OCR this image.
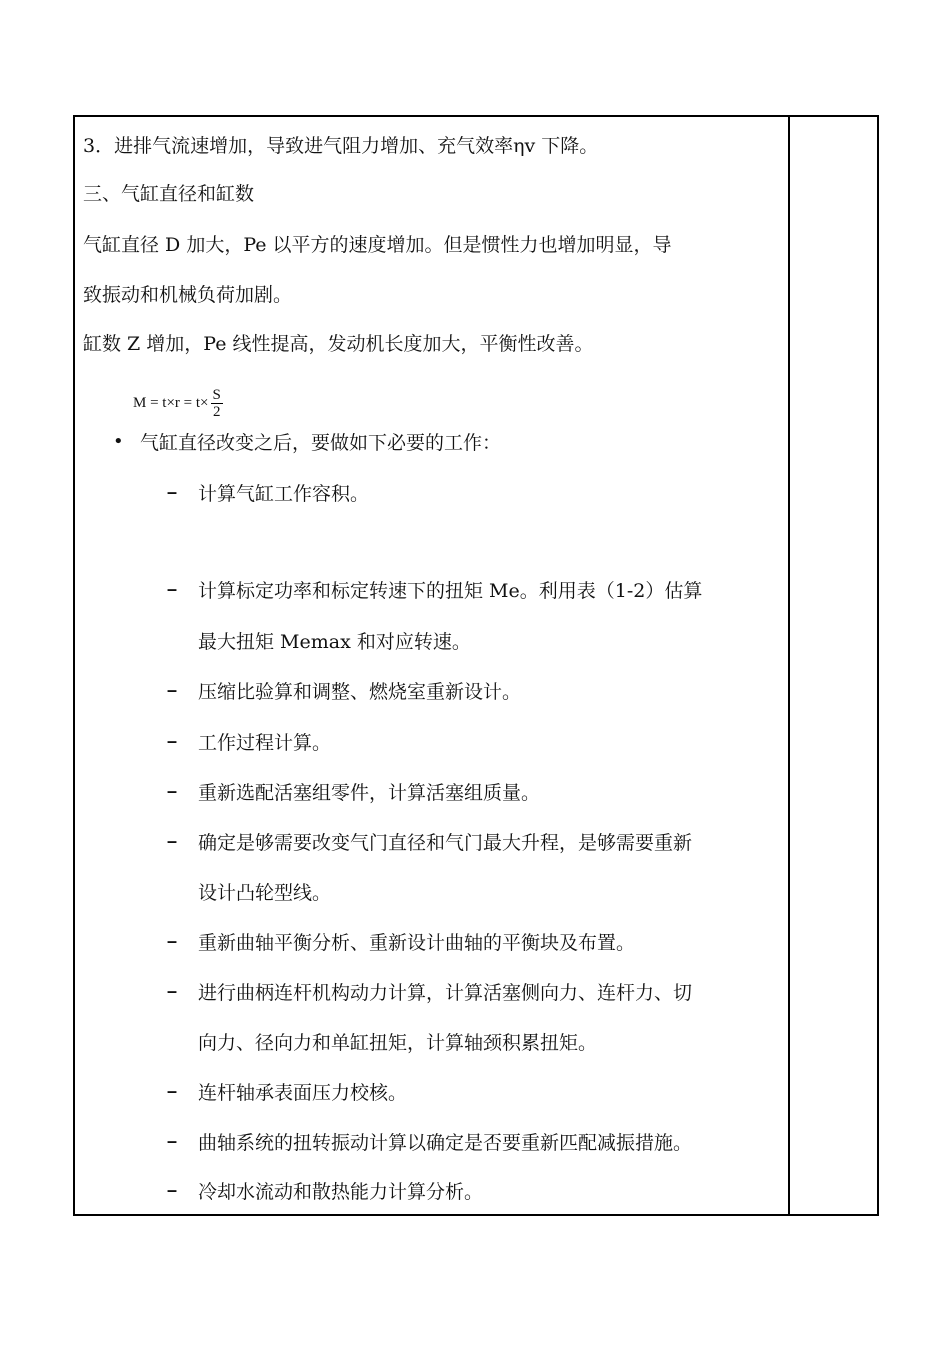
3．进排气流速增加，导致进气阻力增加、充气效率ηv 下降。
三、气缸直径和缸数
气缸直径 D 加大，Pe 以平方的速度增加。但是惯性力也增加明显，导
致振动和机械负荷加剧。
缸数 Z 增加，Pe 线性提高，发动机长度加大，平衡性改善。
$M = t\times r = t\times \frac{S}{2}$
• 气缸直径改变之后，要做如下必要的工作：
– 计算气缸工作容积。
– 计算标定功率和标定转速下的扭矩 Me。利用表（1-2）估算
最大扭矩 Memax 和对应转速。
– 压缩比验算和调整、燃烧室重新设计。
– 工作过程计算。
– 重新选配活塞组零件，计算活塞组质量。
– 确定是够需要改变气门直径和气门最大升程，是够需要重新
设计凸轮型线。
– 重新曲轴平衡分析、重新设计曲轴的平衡块及布置。
– 进行曲柄连杆机构动力计算，计算活塞侧向力、连杆力、切
向力、径向力和单缸扭矩，计算轴颈积累扭矩。
– 连杆轴承表面压力校核。
– 曲轴系统的扭转振动计算以确定是否要重新匹配减振措施。
– 冷却水流动和散热能力计算分析。
